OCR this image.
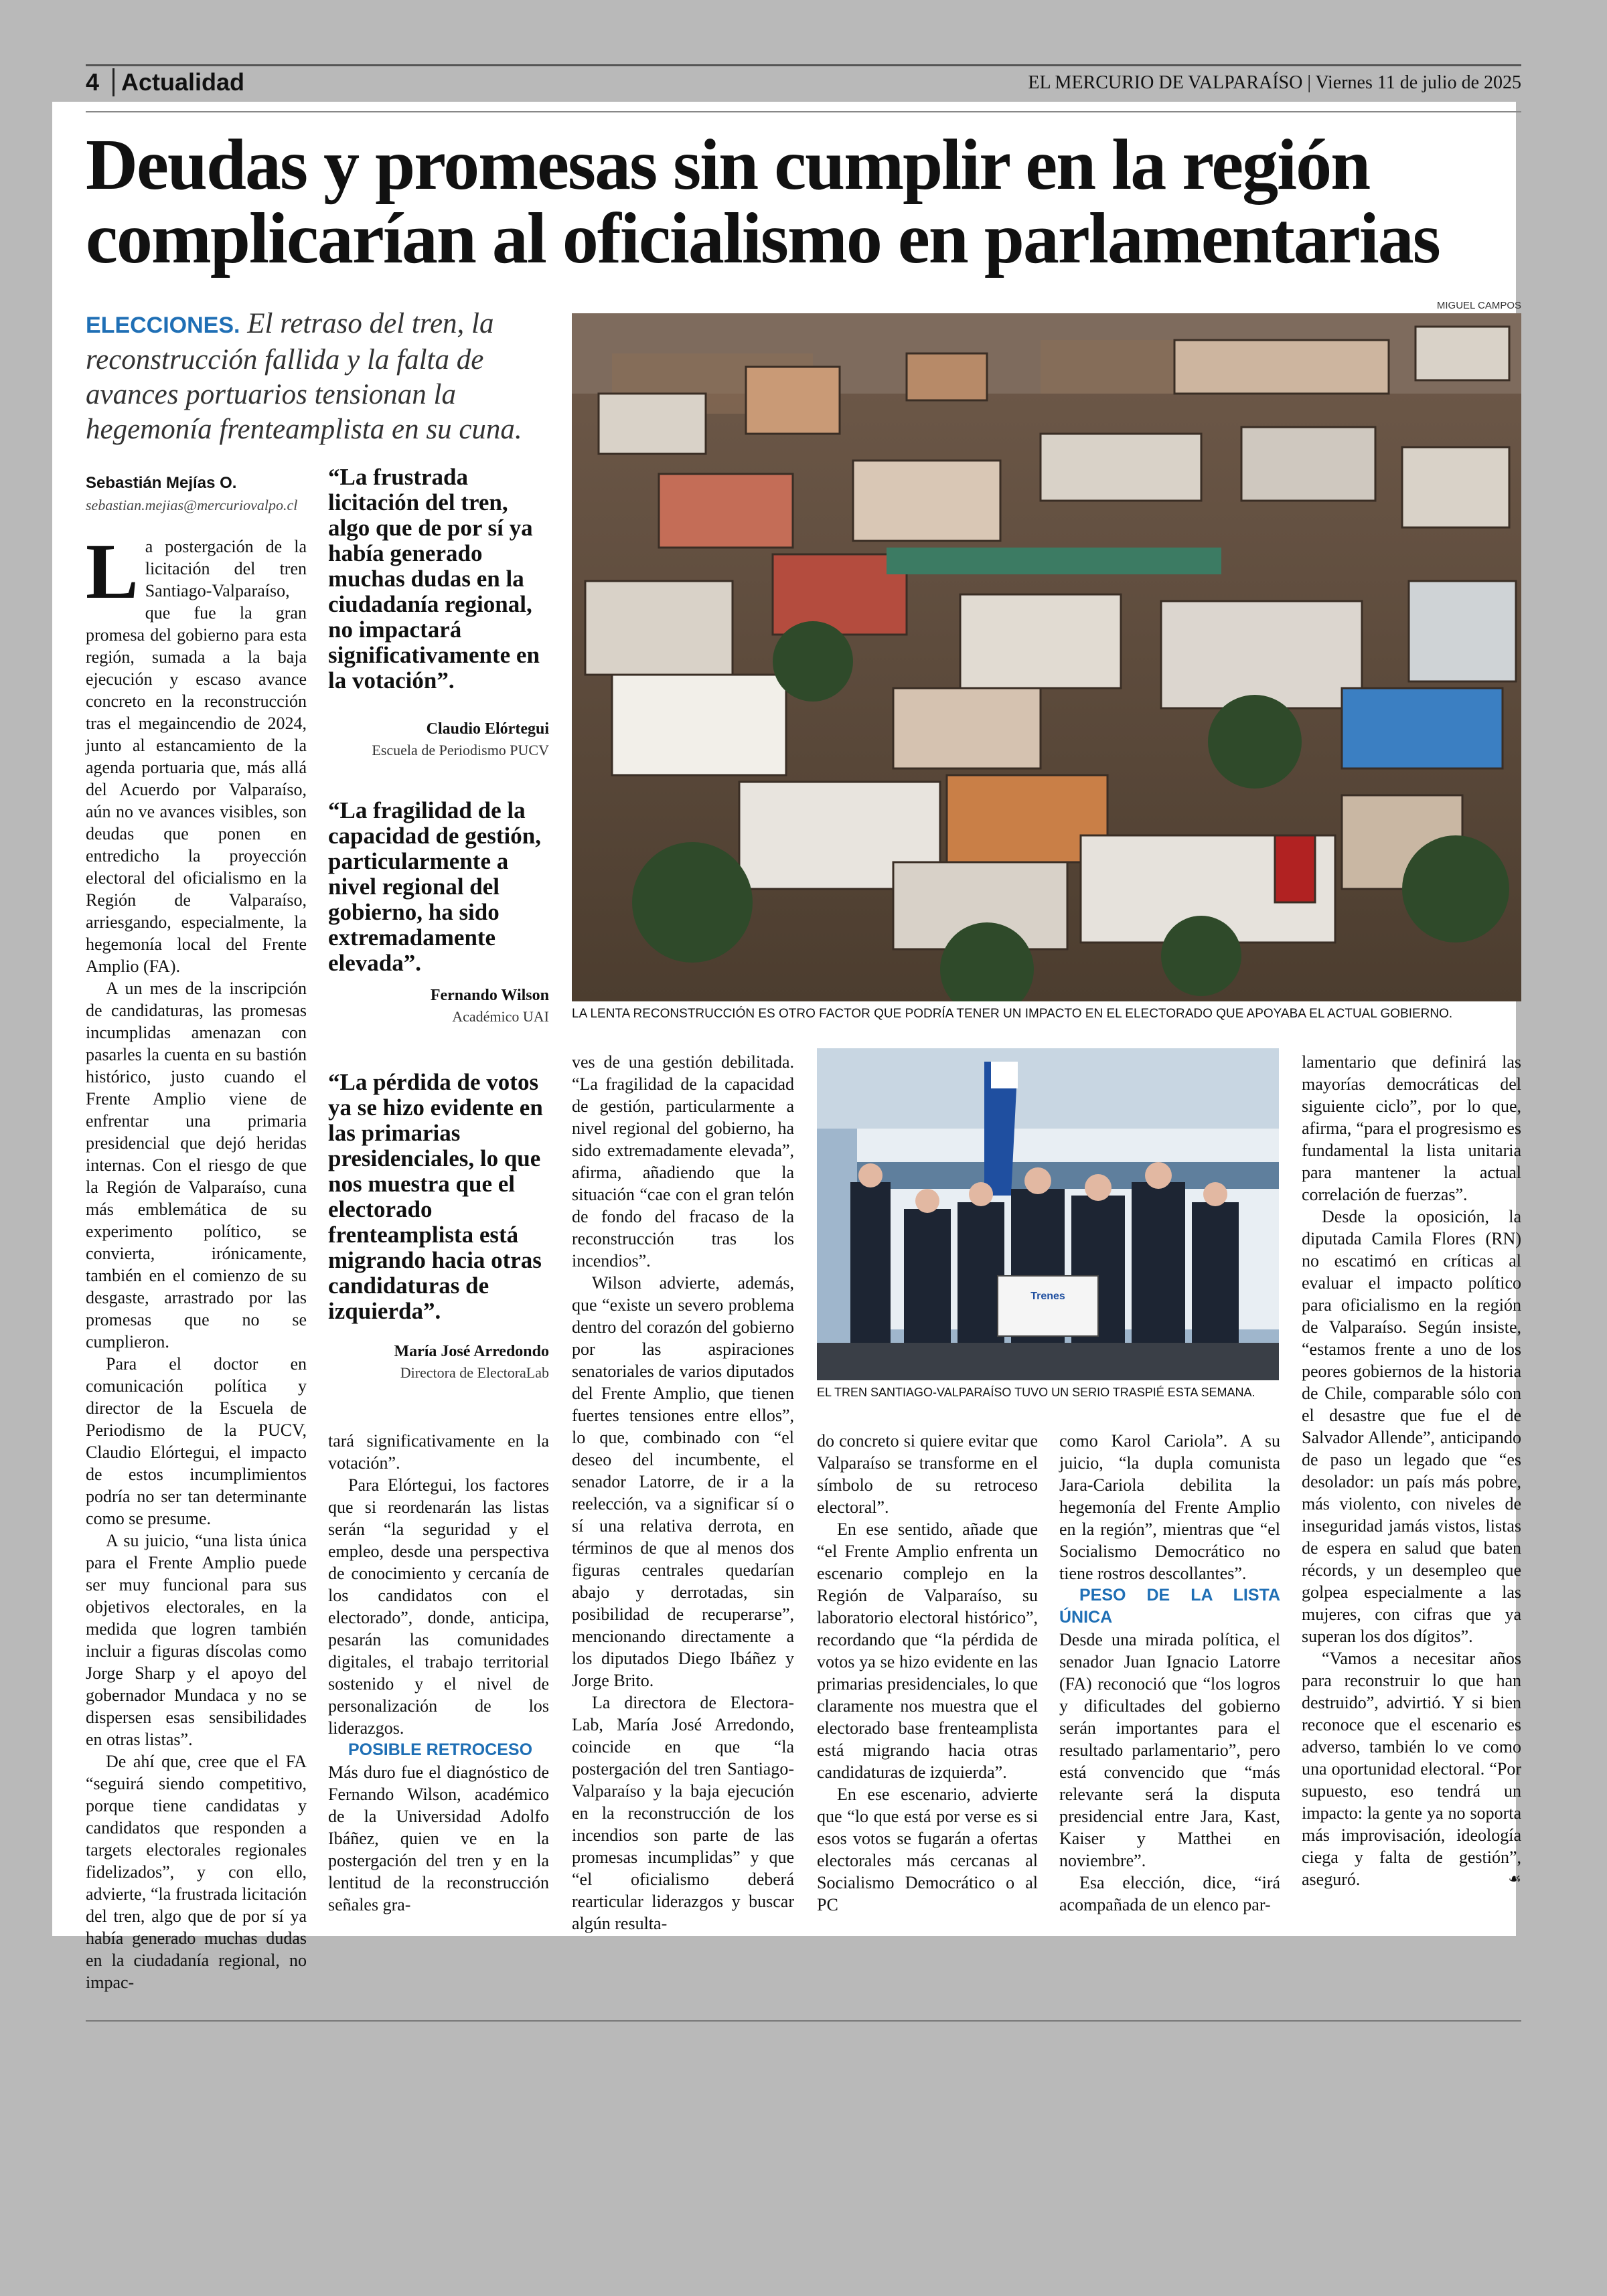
4 Actualidad	EL MERCURIO DE VALPARAÍSO | Viernes 11 de julio de 2025
Deudas y promesas sin cumplir en la región complicarían al oficialismo en parlamentarias
ELECCIONES. El retraso del tren, la reconstrucción fallida y la falta de avances portuarios tensionan la hegemonía frenteamplista en su cuna.
Sebastián Mejías O.
sebastian.mejias@mercuriovalpo.cl

La postergación de la licitación del tren Santiago-Valparaíso, que fue la gran promesa del gobierno para esta región, sumada a la baja ejecución y escaso avance concreto en la reconstrucción tras el megaincendio de 2024, junto al estancamiento de la agenda portuaria que, más allá del Acuerdo por Valparaíso, aún no ve avances visibles, son deudas que ponen en entredicho la proyección electoral del oficialismo en la Región de Valparaíso, arriesgando, especialmente, la hegemonía local del Frente Amplio (FA).

A un mes de la inscripción de candidaturas, las promesas incumplidas amenazan con pasarles la cuenta en su bastión histórico, justo cuando el Frente Amplio viene de enfrentar una primaria presidencial que dejó heridas internas. Con el riesgo de que la Región de Valparaíso, cuna más emblemática de su experimento político, se convierta, irónicamente, también en el comienzo de su desgaste, arrastrado por las promesas que no se cumplieron.

Para el doctor en comunicación política y director de la Escuela de Periodismo de la PUCV, Claudio Elórtegui, el impacto de estos incumplimientos podría no ser tan determinante como se presume.

A su juicio, “una lista única para el Frente Amplio puede ser muy funcional para sus objetivos electorales, en la medida que logren también incluir a figuras díscolas como Jorge Sharp y el apoyo del gobernador Mundaca y no se dispersen esas sensibilidades en otras listas”.

De ahí que, cree que el FA “seguirá siendo competitivo, porque tiene candidatas y candidatos que responden a targets electorales regionales fidelizados”, y con ello, advierte, “la frustrada licitación del tren, algo que de por sí ya había generado muchas dudas en la ciudadanía regional, no impac-

“La frustrada licitación del tren, algo que de por sí ya había generado muchas dudas en la ciudadanía regional, no impactará significativamente en la votación”.
Claudio Elórtegui
Escuela de Periodismo PUCV
“La fragilidad de la capacidad de gestión, particularmente a nivel regional del gobierno, ha sido extremadamente elevada”.
Fernando Wilson
Académico UAI
“La pérdida de votos ya se hizo evidente en las primarias presidenciales, lo que nos muestra que el electorado frenteamplista está migrando hacia otras candidaturas de izquierda”.
María José Arredondo
Directora de ElectoraLab

tará significativamente en la votación”.

Para Elórtegui, los factores que si reordenarán las listas serán “la seguridad y el empleo, desde una perspectiva de conocimiento y cercanía de los candidatos con el electorado”, donde, anticipa, pesarán las comunidades digitales, el trabajo territorial sostenido y el nivel de personalización de los liderazgos.

POSIBLE RETROCESO

Más duro fue el diagnóstico de Fernando Wilson, académico de la Universidad Adolfo Ibáñez, quien ve en la postergación del tren y en la lentitud de la reconstrucción señales gra-

MIGUEL CAMPOS
LA LENTA RECONSTRUCCIÓN ES OTRO FACTOR QUE PODRÍA TENER UN IMPACTO EN EL ELECTORADO QUE APOYABA EL ACTUAL GOBIERNO.

ves de una gestión debilitada. “La fragilidad de la capacidad de gestión, particularmente a nivel regional del gobierno, ha sido extremadamente elevada”, afirma, añadiendo que la situación “cae con el gran telón de fondo del fracaso de la reconstrucción tras los incendios”.

Wilson advierte, además, que “existe un severo problema dentro del corazón del gobierno por las aspiraciones senatoriales de varios diputados del Frente Amplio, que tienen fuertes tensiones entre ellos”, lo que, combinado con “el deseo del incumbente, el senador Latorre, de ir a la reelección, va a significar sí o sí una relativa derrota, en términos de que al menos dos figuras centrales quedarían abajo y derrotadas, sin posibilidad de recuperarse”, mencionando directamente a los diputados Diego Ibáñez y Jorge Brito.

La directora de Electora-Lab, María José Arredondo, coincide en que “la postergación del tren Santiago-Valparaíso y la baja ejecución en la reconstrucción de los incendios son parte de las promesas incumplidas” y que “el oficialismo deberá rearticular liderazgos y buscar algún resulta-

Trenes
EL TREN SANTIAGO-VALPARAÍSO TUVO UN SERIO TRASPIÉ ESTA SEMANA.

do concreto si quiere evitar que Valparaíso se transforme en el símbolo de su retroceso electoral”.

En ese sentido, añade que “el Frente Amplio enfrenta un escenario complejo en la Región de Valparaíso, su laboratorio electoral histórico”, recordando que “la pérdida de votos ya se hizo evidente en las primarias presidenciales, lo que claramente nos muestra que el electorado base frenteamplista está migrando hacia otras candidaturas de izquierda”.

En ese escenario, advierte que “lo que está por verse es si esos votos se fugarán a ofertas electorales más cercanas al Socialismo Democrático o al PC

como Karol Cariola”. A su juicio, “la dupla comunista Jara-Cariola debilita la hegemonía del Frente Amplio en la región”, mientras que “el Socialismo Democrático no tiene rostros descollantes”.

PESO DE LA LISTA ÚNICA

Desde una mirada política, el senador Juan Ignacio Latorre (FA) reconoció que “los logros y dificultades del gobierno serán importantes para el resultado parlamentario”, pero está convencido que “más relevante será la disputa presidencial entre Jara, Kast, Kaiser y Matthei en noviembre”.

Esa elección, dice, “irá acompañada de un elenco par-

lamentario que definirá las mayorías democráticas del siguiente ciclo”, por lo que, afirma, “para el progresismo es fundamental la lista unitaria para mantener la actual correlación de fuerzas”.

Desde la oposición, la diputada Camila Flores (RN) no escatimó en críticas al evaluar el impacto político para oficialismo en la región de Valparaíso. Según insiste, “estamos frente a uno de los peores gobiernos de la historia de Chile, comparable sólo con el desastre que fue el de Salvador Allende”, anticipando de paso un legado que “es desolador: un país más pobre, más violento, con niveles de inseguridad jamás vistos, listas de espera en salud que baten récords, y un desempleo que golpea especialmente a las mujeres, con cifras que ya superan los dos dígitos”.

“Vamos a necesitar años para reconstruir lo que han destruido”, advirtió. Y si bien reconoce que el escenario es adverso, también lo ve como una oportunidad electoral. “Por supuesto, eso tendrá un impacto: la gente ya no soporta más improvisación, ideología ciega y falta de gestión”, aseguró.	☙
